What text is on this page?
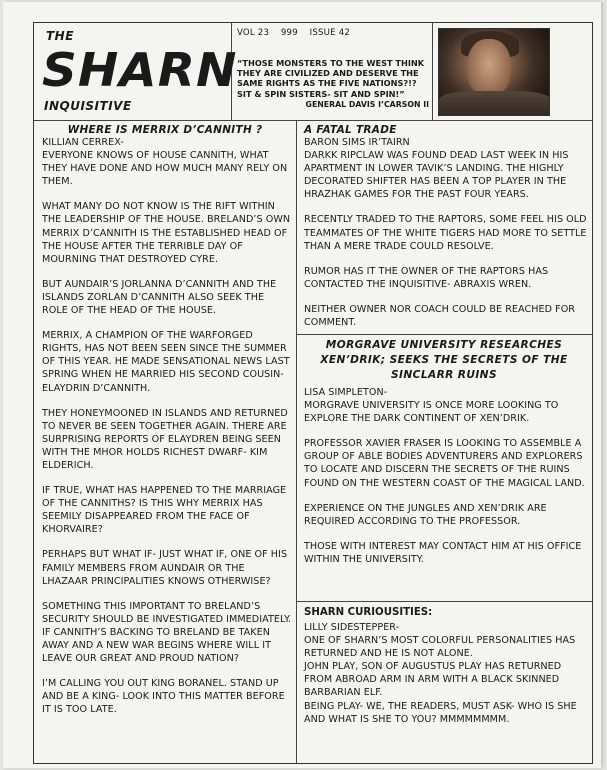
THE
SHARN
INQUISITIVE
VOL 23 999 ISSUE 42
“THOSE MONSTERS TO THE WEST THINK THEY ARE CIVILIZED AND DESERVE THE SAME RIGHTS AS THE FIVE NATIONS?!? SIT & SPIN SISTERS- SIT AND SPIN!”
GENERAL DAVIS I’CARSON II
WHERE IS MERRIX D’CANNITH ?

KILLIAN CERREX-

EVERYONE KNOWS OF HOUSE CANNITH, WHAT THEY HAVE DONE AND HOW MUCH MANY RELY ON THEM.

WHAT MANY DO NOT KNOW IS THE RIFT WITHIN THE LEADERSHIP OF THE HOUSE. BRELAND’S OWN MERRIX D’CANNITH IS THE ESTABLISHED HEAD OF THE HOUSE AFTER THE TERRIBLE DAY OF MOURNING THAT DESTROYED CYRE.

BUT AUNDAIR’S JORLANNA D’CANNITH AND THE ISLANDS ZORLAN D’CANNITH ALSO SEEK THE ROLE OF THE HEAD OF THE HOUSE.

MERRIX, A CHAMPION OF THE WARFORGED RIGHTS, HAS NOT BEEN SEEN SINCE THE SUMMER OF THIS YEAR. HE MADE SENSATIONAL NEWS LAST SPRING WHEN HE MARRIED HIS SECOND COUSIN- ELAYDRIN D’CANNITH.

THEY HONEYMOONED IN ISLANDS AND RETURNED TO NEVER BE SEEN TOGETHER AGAIN. THERE ARE SURPRISING REPORTS OF ELAYDREN BEING SEEN WITH THE MHOR HOLDS RICHEST DWARF- KIM ELDERICH.

IF TRUE, WHAT HAS HAPPENED TO THE MARRIAGE OF THE CANNITHS? IS THIS WHY MERRIX HAS SEEMILY DISAPPEARED FROM THE FACE OF KHORVAIRE?

PERHAPS BUT WHAT IF- JUST WHAT IF, ONE OF HIS FAMILY MEMBERS FROM AUNDAIR OR THE LHAZAAR PRINCIPALITIES KNOWS OTHERWISE?

SOMETHING THIS IMPORTANT TO BRELAND’S SECURITY SHOULD BE INVESTIGATED IMMEDIATELY. IF CANNITH’S BACKING TO BRELAND BE TAKEN AWAY AND A NEW WAR BEGINS WHERE WILL IT LEAVE OUR GREAT AND PROUD NATION?

I’M CALLING YOU OUT KING BORANEL. STAND UP AND BE A KING- LOOK INTO THIS MATTER BEFORE IT IS TOO LATE.

A FATAL TRADE

BARON SIMS IR’TAIRN

DARKK RIPCLAW WAS FOUND DEAD LAST WEEK IN HIS APARTMENT IN LOWER TAVIK’S LANDING. THE HIGHLY DECORATED SHIFTER HAS BEEN A TOP PLAYER IN THE HRAZHAK GAMES FOR THE PAST FOUR YEARS.

RECENTLY TRADED TO THE RAPTORS, SOME FEEL HIS OLD TEAMMATES OF THE WHITE TIGERS HAD MORE TO SETTLE THAN A MERE TRADE COULD RESOLVE.

RUMOR HAS IT THE OWNER OF THE RAPTORS HAS CONTACTED THE INQUISITIVE- ABRAXIS WREN.

NEITHER OWNER NOR COACH COULD BE REACHED FOR COMMENT.

MORGRAVE UNIVERSITY RESEARCHES
XEN’DRIK; SEEKS THE SECRETS OF THE
SINCLARR RUINS

LISA SIMPLETON-

MORGRAVE UNIVERSITY IS ONCE MORE LOOKING TO EXPLORE THE DARK CONTINENT OF XEN’DRIK.

PROFESSOR XAVIER FRASER IS LOOKING TO ASSEMBLE A GROUP OF ABLE BODIES ADVENTURERS AND EXPLORERS TO LOCATE AND DISCERN THE SECRETS OF THE RUINS FOUND ON THE WESTERN COAST OF THE MAGICAL LAND.

EXPERIENCE ON THE JUNGLES AND XEN’DRIK ARE REQUIRED ACCORDING TO THE PROFESSOR.

THOSE WITH INTEREST MAY CONTACT HIM AT HIS OFFICE WITHIN THE UNIVERSITY.

SHARN CURIOUSITIES:

LILLY SIDESTEPPER-

ONE OF SHARN’S MOST COLORFUL PERSONALITIES HAS RETURNED AND HE IS NOT ALONE.

JOHN PLAY, SON OF AUGUSTUS PLAY HAS RETURNED FROM ABROAD ARM IN ARM WITH A BLACK SKINNED BARBARIAN ELF.

BEING PLAY- WE, THE READERS, MUST ASK- WHO IS SHE AND WHAT IS SHE TO YOU? MMMMMMMM.
